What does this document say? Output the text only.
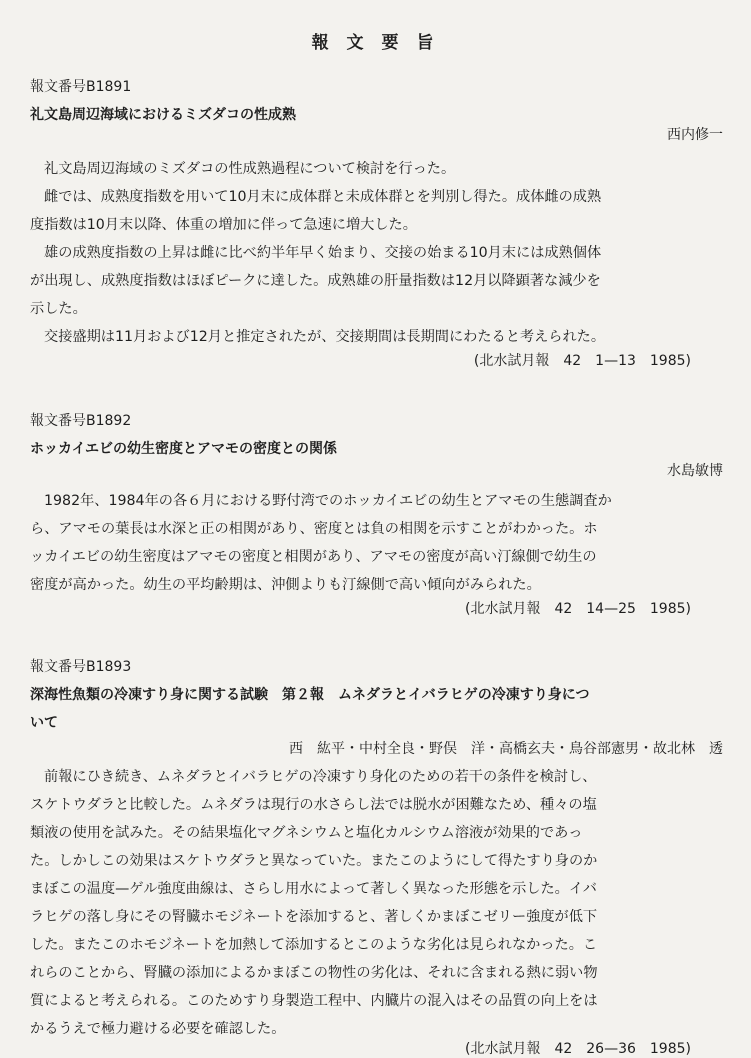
報 文 要 旨
報文番号B1891
礼文島周辺海域におけるミズダコの性成熟
西内修一
礼文島周辺海域のミズダコの性成熟過程について検討を行った。
雌では、成熟度指数を用いて10月末に成体群と未成体群とを判別し得た。成体雌の成熟
度指数は10月末以降、体重の増加に伴って急速に増大した。
雄の成熟度指数の上昇は雌に比べ約半年早く始まり、交接の始まる10月末には成熟個体
が出現し、成熟度指数はほぼピークに達した。成熟雄の肝量指数は12月以降顕著な減少を
示した。
交接盛期は11月および12月と推定されたが、交接期間は長期間にわたると考えられた。
(北水試月報　42　1—13　1985)
報文番号B1892
ホッカイエビの幼生密度とアマモの密度との関係
水島敏博
1982年、1984年の各６月における野付湾でのホッカイエビの幼生とアマモの生態調査か
ら、アマモの葉長は水深と正の相関があり、密度とは負の相関を示すことがわかった。ホ
ッカイエビの幼生密度はアマモの密度と相関があり、アマモの密度が高い汀線側で幼生の
密度が高かった。幼生の平均齢期は、沖側よりも汀線側で高い傾向がみられた。
(北水試月報　42　14—25　1985)
報文番号B1893
深海性魚類の冷凍すり身に関する試験　第２報　ムネダラとイバラヒゲの冷凍すり身につ
いて
西　紘平・中村全良・野俣　洋・高橋玄夫・鳥谷部憲男・故北林　透
前報にひき続き、ムネダラとイバラヒゲの冷凍すり身化のための若干の条件を検討し、
スケトウダラと比較した。ムネダラは現行の水さらし法では脱水が困難なため、種々の塩
類液の使用を試みた。その結果塩化マグネシウムと塩化カルシウム溶液が効果的であっ
た。しかしこの効果はスケトウダラと異なっていた。またこのようにして得たすり身のか
まぼこの温度—ゲル強度曲線は、さらし用水によって著しく異なった形態を示した。イバ
ラヒゲの落し身にその腎臓ホモジネートを添加すると、著しくかまぼこゼリー強度が低下
した。またこのホモジネートを加熱して添加するとこのような劣化は見られなかった。こ
れらのことから、腎臓の添加によるかまぼこの物性の劣化は、それに含まれる熱に弱い物
質によると考えられる。このためすり身製造工程中、内臓片の混入はその品質の向上をは
かるうえで極力避ける必要を確認した。
(北水試月報　42　26—36　1985)
